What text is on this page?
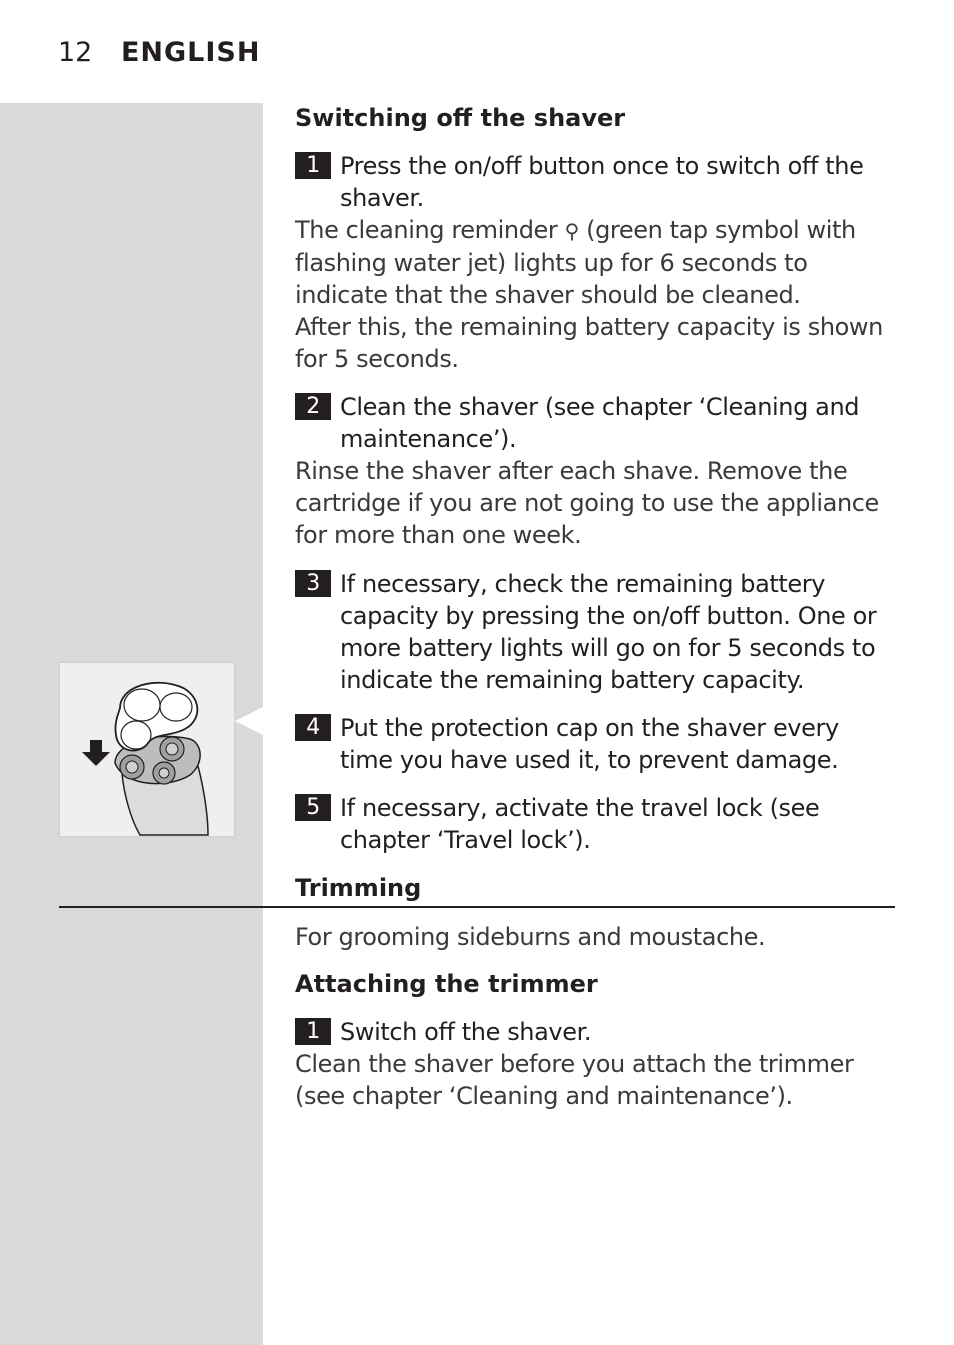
12 ENGLISH
Switching off the shaver
1 Press the on/off button once to switch off the shaver.

The cleaning reminder ⚲ (green tap symbol with flashing water jet) lights up for 6 seconds to indicate that the shaver should be cleaned.

After this, the remaining battery capacity is shown for 5 seconds.

2 Clean the shaver (see chapter ‘Cleaning and maintenance’).

Rinse the shaver after each shave. Remove the cartridge if you are not going to use the appliance for more than one week.

3 If necessary, check the remaining battery capacity by pressing the on/off button. One or more battery lights will go on for 5 seconds to indicate the remaining battery capacity.
4 Put the protection cap on the shaver every time you have used it, to prevent damage.
5 If necessary, activate the travel lock (see chapter ‘Travel lock’).
Trimming

For grooming sideburns and moustache.

Attaching the trimmer
1 Switch off the shaver.

Clean the shaver before you attach the trimmer (see chapter ‘Cleaning and maintenance’).
